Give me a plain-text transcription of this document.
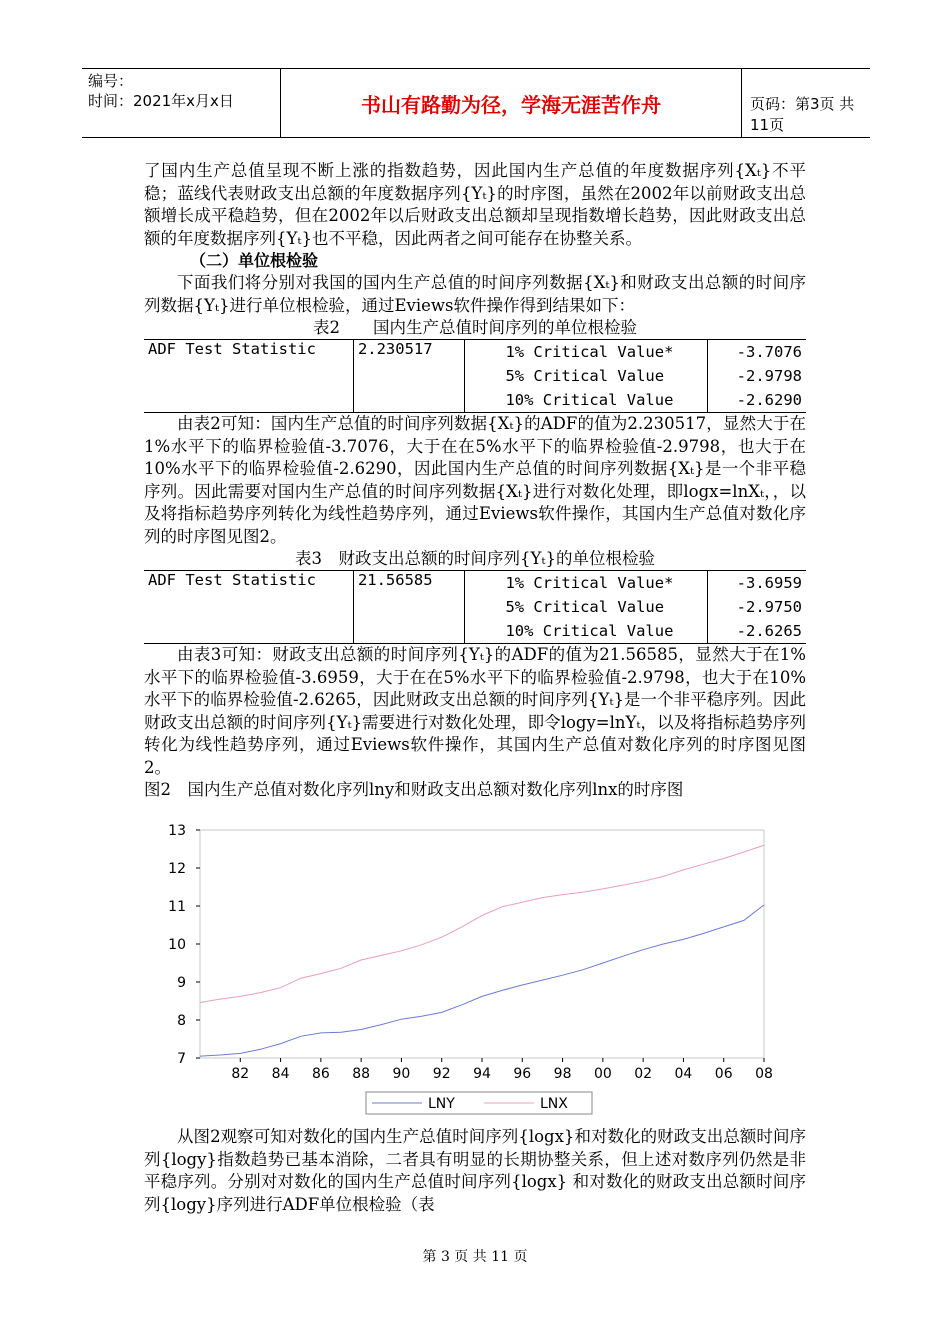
编号：
时间：2021年x月x日	书山有路勤为径，学海无涯苦作舟	页码：第3页 共11页

了国内生产总值呈现不断上涨的指数趋势，因此国内生产总值的年度数据序列{Xₜ}不平稳；蓝线代表财政支出总额的年度数据序列{Yₜ}的时序图，虽然在2002年以前财政支出总额增长成平稳趋势，但在2002年以后财政支出总额却呈现指数增长趋势，因此财政支出总额的年度数据序列{Yₜ}也不平稳，因此两者之间可能存在协整关系。

（二）单位根检验

下面我们将分别对我国的国内生产总值的时间序列数据{Xₜ}和财政支出总额的时间序列数据{Yₜ}进行单位根检验，通过Eviews软件操作得到结果如下：

表2　　国内生产总值时间序列的单位根检验
ADF Test Statistic	2.230517	1% Critical Value*	-3.7076
		5% Critical Value	-2.9798
		10% Critical Value	-2.6290

由表2可知：国内生产总值的时间序列数据{Xₜ}的ADF的值为2.230517，显然大于在1%水平下的临界检验值-3.7076，大于在在5%水平下的临界检验值-2.9798，也大于在10%水平下的临界检验值-2.6290，因此国内生产总值的时间序列数据{Xₜ}是一个非平稳序列。因此需要对国内生产总值的时间序列数据{Xₜ}进行对数化处理，即logx=lnXₜ，，以及将指标趋势序列转化为线性趋势序列，通过Eviews软件操作，其国内生产总值对数化序列的时序图见图2。

表3　财政支出总额的时间序列{Yₜ}的单位根检验
ADF Test Statistic	21.56585	1% Critical Value*	-3.6959
		5% Critical Value	-2.9750
		10% Critical Value	-2.6265

由表3可知：财政支出总额的时间序列{Yₜ}的ADF的值为21.56585，显然大于在1%水平下的临界检验值-3.6959，大于在在5%水平下的临界检验值-2.9798，也大于在10%水平下的临界检验值-2.6265，因此财政支出总额的时间序列{Yₜ}是一个非平稳序列。因此财政支出总额的时间序列{Yₜ}需要进行对数化处理，即令logy=lnYₜ，以及将指标趋势序列转化为线性趋势序列，通过Eviews软件操作，其国内生产总值对数化序列的时序图见图2。

图2　国内生产总值对数化序列lny和财政支出总额对数化序列lnx的时序图

7
8
9
10
11
12
13
82 84 86 88 90 92 94 96 98 00 02 04 06 08
LNY	LNX

从图2观察可知对数化的国内生产总值时间序列{logx}和对数化的财政支出总额时间序列{logy}指数趋势已基本消除，二者具有明显的长期协整关系，但上述对数序列仍然是非平稳序列。分别对对数化的国内生产总值时间序列{logx} 和对数化的财政支出总额时间序列{logy}序列进行ADF单位根检验（表

第 3 页 共 11 页
